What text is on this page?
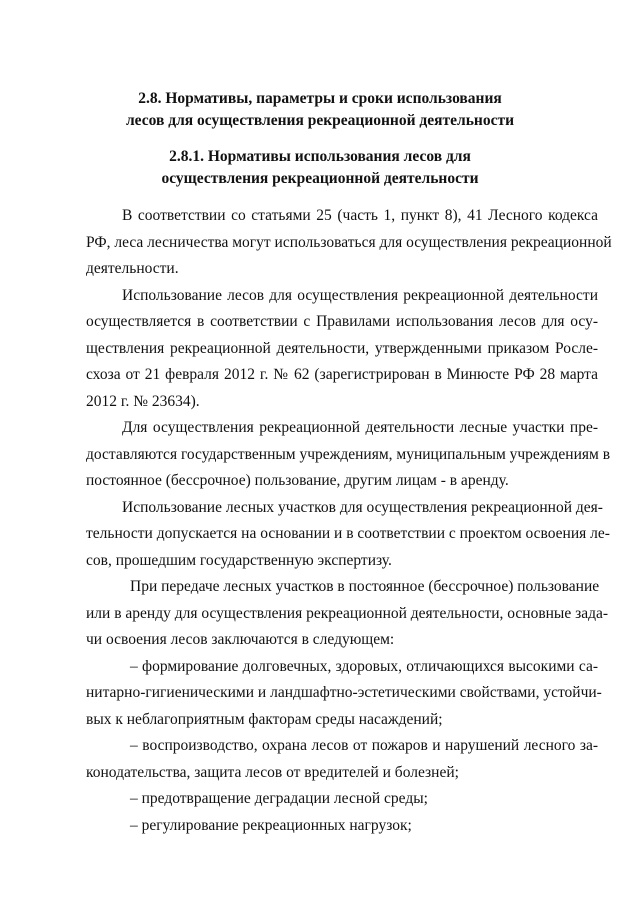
2.8. Нормативы, параметры и сроки использования
лесов для осуществления рекреационной деятельности
2.8.1. Нормативы использования лесов для
осуществления рекреационной деятельности

В соответствии со статьями 25 (часть 1, пункт 8), 41 Лесного кодекса
РФ, леса лесничества могут использоваться для осуществления рекреационной
деятельности.

Использование лесов для осуществления рекреационной деятельности
осуществляется в соответствии с Правилами использования лесов для осу-
ществления рекреационной деятельности, утвержденными приказом Росле-
схоза от 21 февраля 2012 г. № 62 (зарегистрирован в Минюсте РФ 28 марта
2012 г. № 23634).

Для осуществления рекреационной деятельности лесные участки пре-
доставляются государственным учреждениям, муниципальным учреждениям в
постоянное (бессрочное) пользование, другим лицам - в аренду.

Использование лесных участков для осуществления рекреационной дея-
тельности допускается на основании и в соответствии с проектом освоения ле-
сов, прошедшим государственную экспертизу.

При передаче лесных участков в постоянное (бессрочное) пользование
или в аренду для осуществления рекреационной деятельности, основные зада-
чи освоения лесов заключаются в следующем:

– формирование долговечных, здоровых, отличающихся высокими са-
нитарно-гигиеническими и ландшафтно-эстетическими свойствами, устойчи-
вых к неблагоприятным факторам среды насаждений;

– воспроизводство, охрана лесов от пожаров и нарушений лесного за-
конодательства, защита лесов от вредителей и болезней;

– предотвращение деградации лесной среды;

– регулирование рекреационных нагрузок;
